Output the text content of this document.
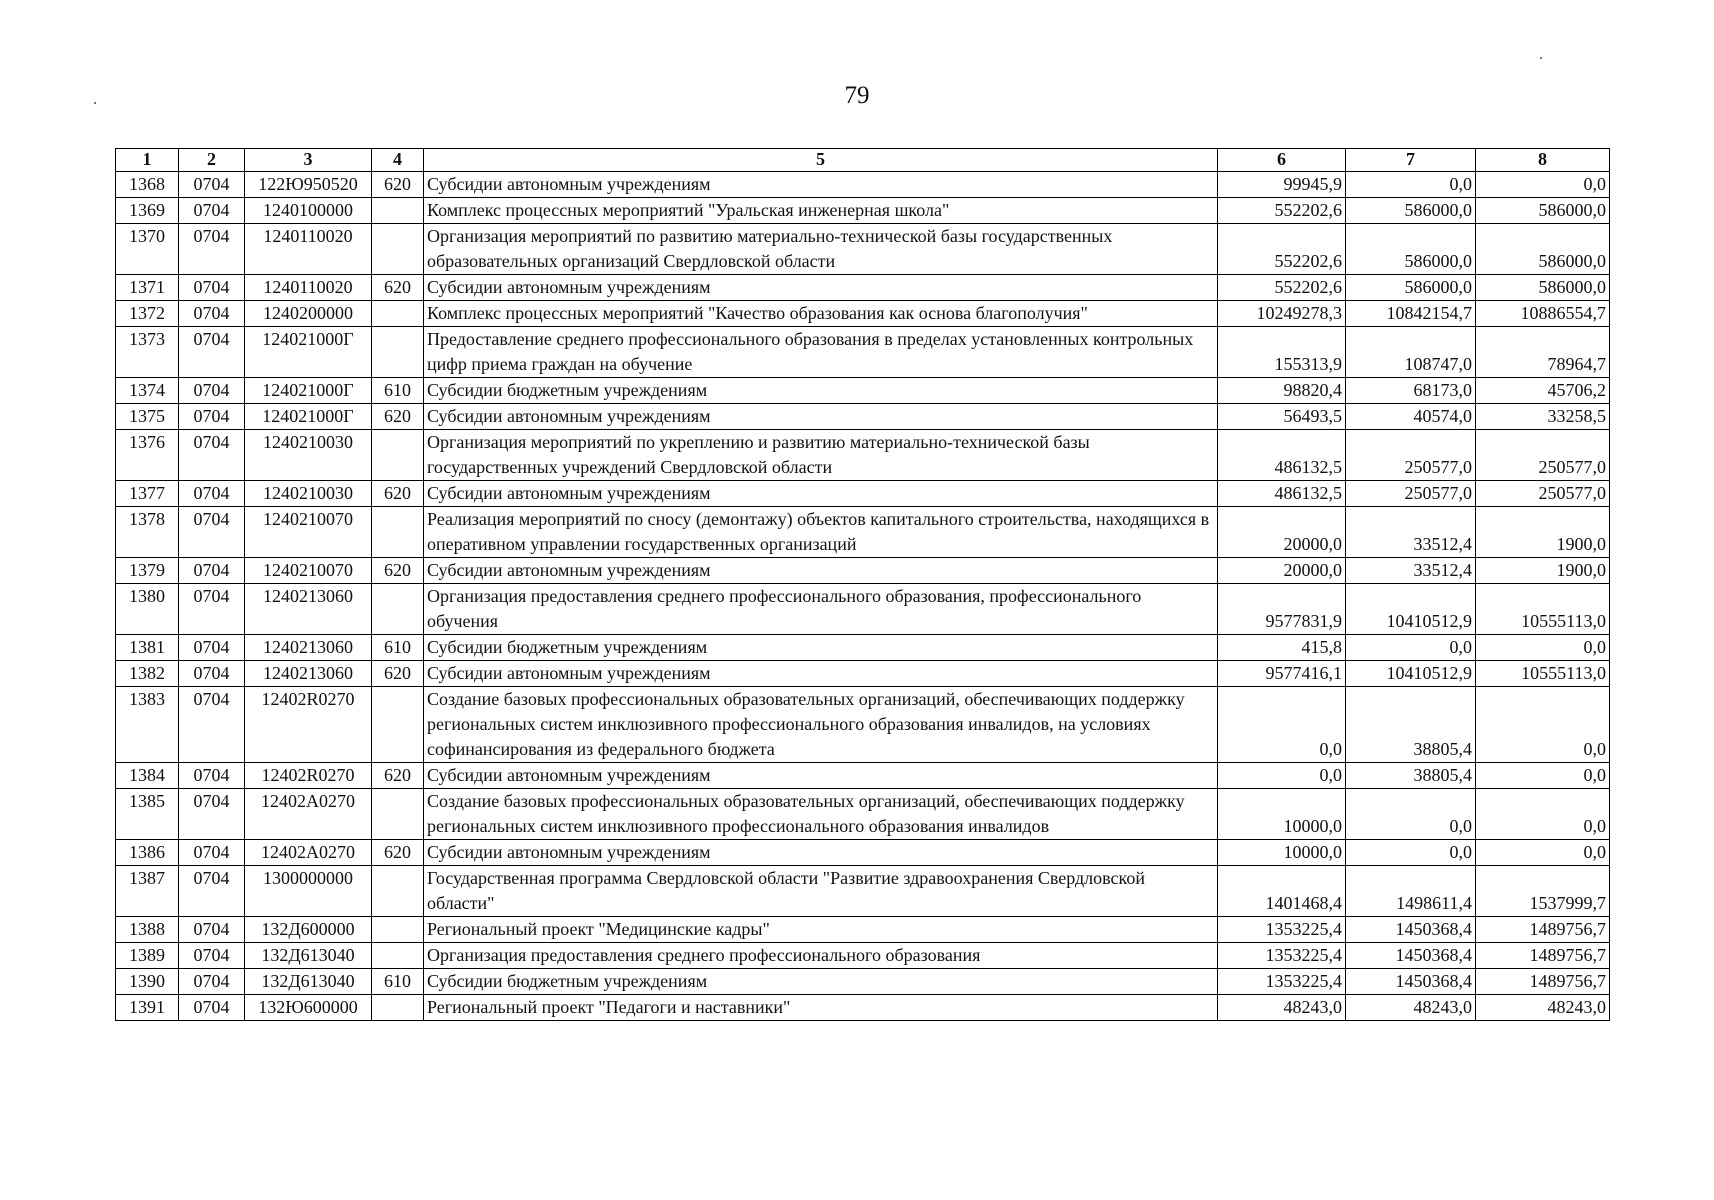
79
1	2	3	4	5	6	7	8
1368	0704	122Ю950520	620	Субсидии автономным учреждениям	99945,9	0,0	0,0
1369	0704	1240100000		Комплекс процессных мероприятий "Уральская инженерная школа"	552202,6	586000,0	586000,0
1370	0704	1240110020		Организация мероприятий по развитию материально-технической базы государственных образовательных организаций Свердловской области	552202,6	586000,0	586000,0
1371	0704	1240110020	620	Субсидии автономным учреждениям	552202,6	586000,0	586000,0
1372	0704	1240200000		Комплекс процессных мероприятий "Качество образования как основа благополучия"	10249278,3	10842154,7	10886554,7
1373	0704	124021000Г		Предоставление среднего профессионального образования в пределах установленных контрольных цифр приема граждан на обучение	155313,9	108747,0	78964,7
1374	0704	124021000Г	610	Субсидии бюджетным учреждениям	98820,4	68173,0	45706,2
1375	0704	124021000Г	620	Субсидии автономным учреждениям	56493,5	40574,0	33258,5
1376	0704	1240210030		Организация мероприятий по укреплению и развитию материально-технической базы государственных учреждений Свердловской области	486132,5	250577,0	250577,0
1377	0704	1240210030	620	Субсидии автономным учреждениям	486132,5	250577,0	250577,0
1378	0704	1240210070		Реализация мероприятий по сносу (демонтажу) объектов капитального строительства, находящихся в оперативном управлении государственных организаций	20000,0	33512,4	1900,0
1379	0704	1240210070	620	Субсидии автономным учреждениям	20000,0	33512,4	1900,0
1380	0704	1240213060		Организация предоставления среднего профессионального образования, профессионального обучения	9577831,9	10410512,9	10555113,0
1381	0704	1240213060	610	Субсидии бюджетным учреждениям	415,8	0,0	0,0
1382	0704	1240213060	620	Субсидии автономным учреждениям	9577416,1	10410512,9	10555113,0
1383	0704	12402R0270		Создание базовых профессиональных образовательных организаций, обеспечивающих поддержку региональных систем инклюзивного профессионального образования инвалидов, на условиях софинансирования из федерального бюджета	0,0	38805,4	0,0
1384	0704	12402R0270	620	Субсидии автономным учреждениям	0,0	38805,4	0,0
1385	0704	12402A0270		Создание базовых профессиональных образовательных организаций, обеспечивающих поддержку региональных систем инклюзивного профессионального образования инвалидов	10000,0	0,0	0,0
1386	0704	12402A0270	620	Субсидии автономным учреждениям	10000,0	0,0	0,0
1387	0704	1300000000		Государственная программа Свердловской области "Развитие здравоохранения Свердловской области"	1401468,4	1498611,4	1537999,7
1388	0704	132Д600000		Региональный проект "Медицинские кадры"	1353225,4	1450368,4	1489756,7
1389	0704	132Д613040		Организация предоставления среднего профессионального образования	1353225,4	1450368,4	1489756,7
1390	0704	132Д613040	610	Субсидии бюджетным учреждениям	1353225,4	1450368,4	1489756,7
1391	0704	132Ю600000		Региональный проект "Педагоги и наставники"	48243,0	48243,0	48243,0
